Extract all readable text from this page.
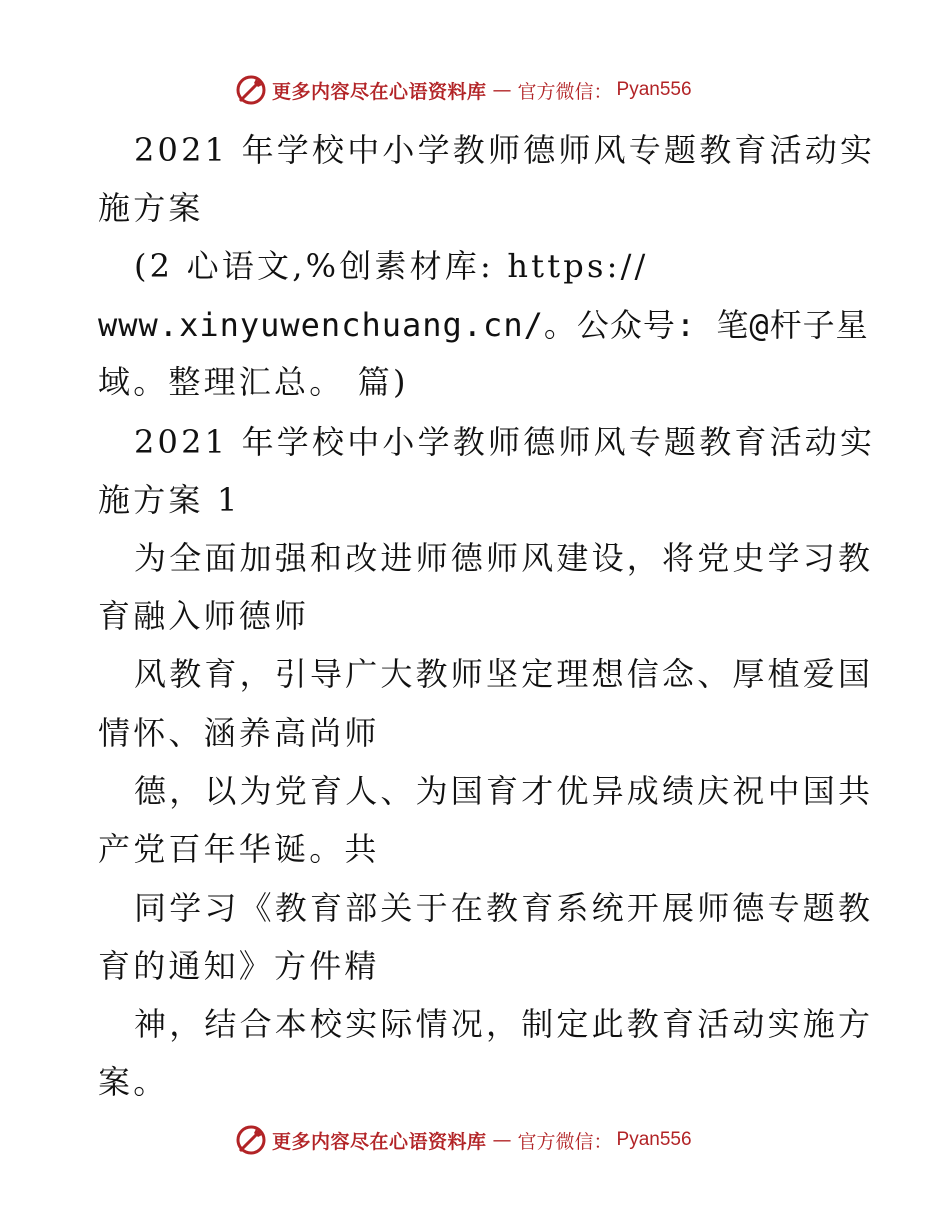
更多内容尽在心语资料库 — 官方微信： Pyan556
2021 年学校中小学教师德师风专题教育活动实
施方案
(2 心语文,%创素材库: https://
www.xinyuwenchuang.cn/。公众号: 笔@杆子星
域。整理汇总。 篇)
2021 年学校中小学教师德师风专题教育活动实
施方案 1
为全面加强和改进师德师风建设，将党史学习教
育融入师德师
风教育，引导广大教师坚定理想信念、厚植爱国
情怀、涵养高尚师
德，以为党育人、为国育才优异成绩庆祝中国共
产党百年华诞。共
同学习《教育部关于在教育系统开展师德专题教
育的通知》方件精
神，结合本校实际情况，制定此教育活动实施方
案。
更多内容尽在心语资料库 — 官方微信： Pyan556
